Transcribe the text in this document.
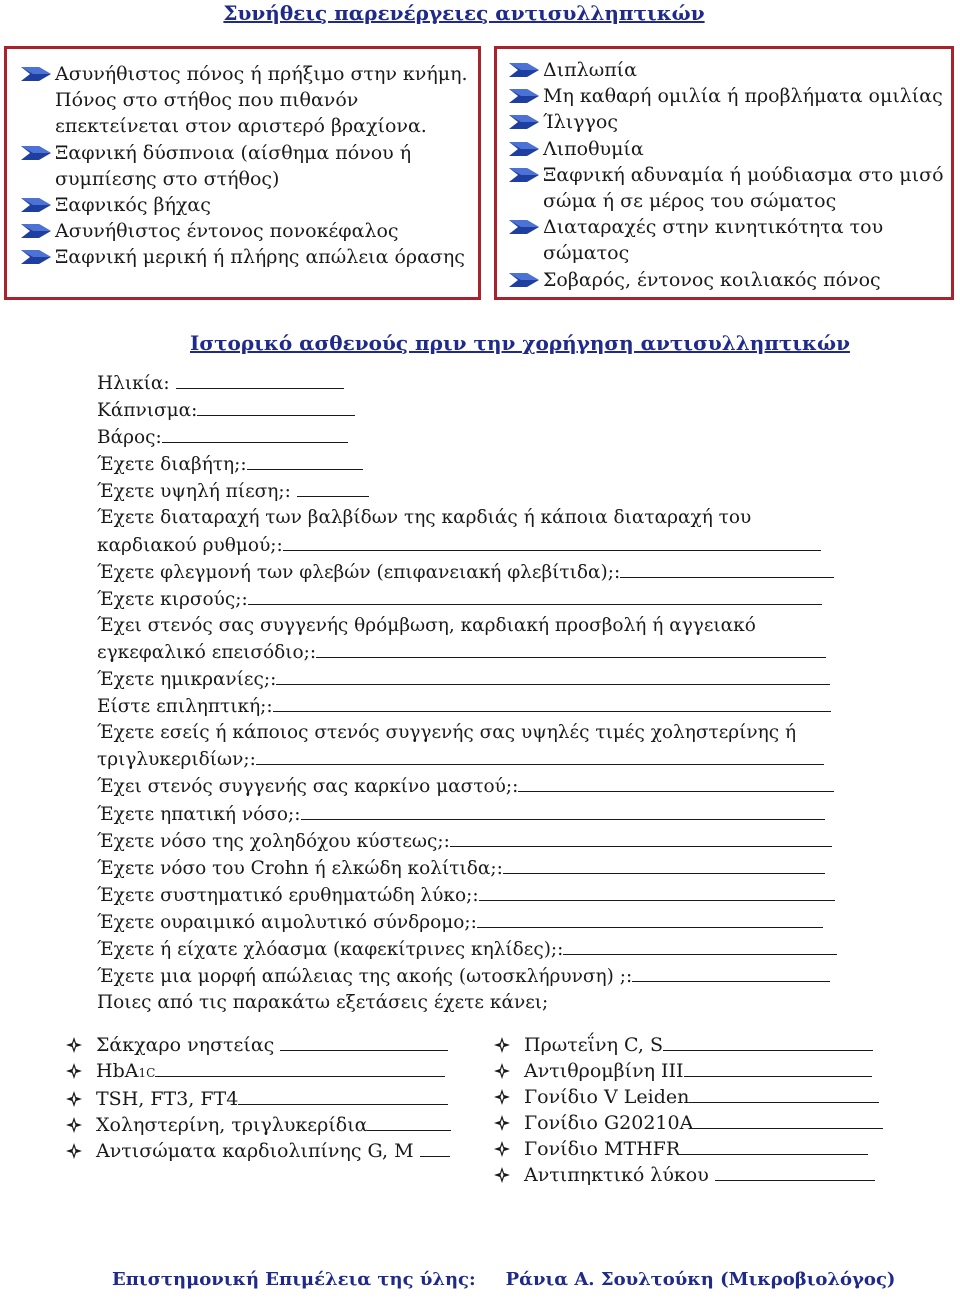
Συνήθεις παρενέργειες αντισυλληπτικών
Ασυνήθιστος πόνος ή πρήξιμο στην κνήμη.
Πόνος στο στήθος που πιθανόν επεκτείνεται στον αριστερό βραχίονα.
Ξαφνική δύσπνοια (αίσθημα πόνου ή συμπίεσης στο στήθος)
Ξαφνικός βήχας
Ασυνήθιστος έντονος πονοκέφαλος
Ξαφνική μερική ή πλήρης απώλεια όρασης
Διπλωπία
Μη καθαρή ομιλία ή προβλήματα ομιλίας
Ίλιγγος
Λιποθυμία
Ξαφνική αδυναμία ή μούδιασμα στο μισό σώμα ή σε μέρος του σώματος
Διαταραχές στην κινητικότητα του σώματος
Σοβαρός, έντονος κοιλιακός πόνος
Ιστορικό ασθενούς πριν την χορήγηση αντισυλληπτικών
Ηλικία:
Κάπνισμα:
Βάρος:
Έχετε διαβήτη;:
Έχετε υψηλή πίεση;:
Έχετε διαταραχή των βαλβίδων της καρδιάς ή κάποια διαταραχή του
καρδιακού ρυθμού;:
Έχετε φλεγμονή των φλεβών (επιφανειακή φλεβίτιδα);:
Έχετε κιρσούς;:
Έχει στενός σας συγγενής θρόμβωση, καρδιακή προσβολή ή αγγειακό
εγκεφαλικό επεισόδιο;:
Έχετε ημικρανίες;:
Είστε επιληπτική;:
Έχετε εσείς ή κάποιος στενός συγγενής σας υψηλές τιμές χοληστερίνης ή
τριγλυκεριδίων;:
Έχει στενός συγγενής σας καρκίνο μαστού;:
Έχετε ηπατική νόσο;:
Έχετε νόσο της χοληδόχου κύστεως;:
Έχετε νόσο του Crohn ή ελκώδη κολίτιδα;:
Έχετε συστηματικό ερυθηματώδη λύκο;:
Έχετε ουραιμικό αιμολυτικό σύνδρομο;:
Έχετε ή είχατε χλόασμα (καφεκίτρινες κηλίδες);:
Έχετε μια μορφή απώλειας της ακοής (ωτοσκλήρυνση) ;:
Ποιες από τις παρακάτω εξετάσεις έχετε κάνει;
Σάκχαρο νηστείας
HbA1C
TSH, FT3, FT4
Χοληστερίνη, τριγλυκερίδια
Αντισώματα καρδιολιπίνης G, M
Πρωτεΐνη C, S
Αντιθρομβίνη ΙΙΙ
Γονίδιο V Leiden
Γονίδιο G20210A
Γονίδιο MTHFR
Αντιπηκτικό λύκου
Επιστημονική Επιμέλεια της ύλης: Ράνια Α. Σουλτούκη (Μικροβιολόγος)
